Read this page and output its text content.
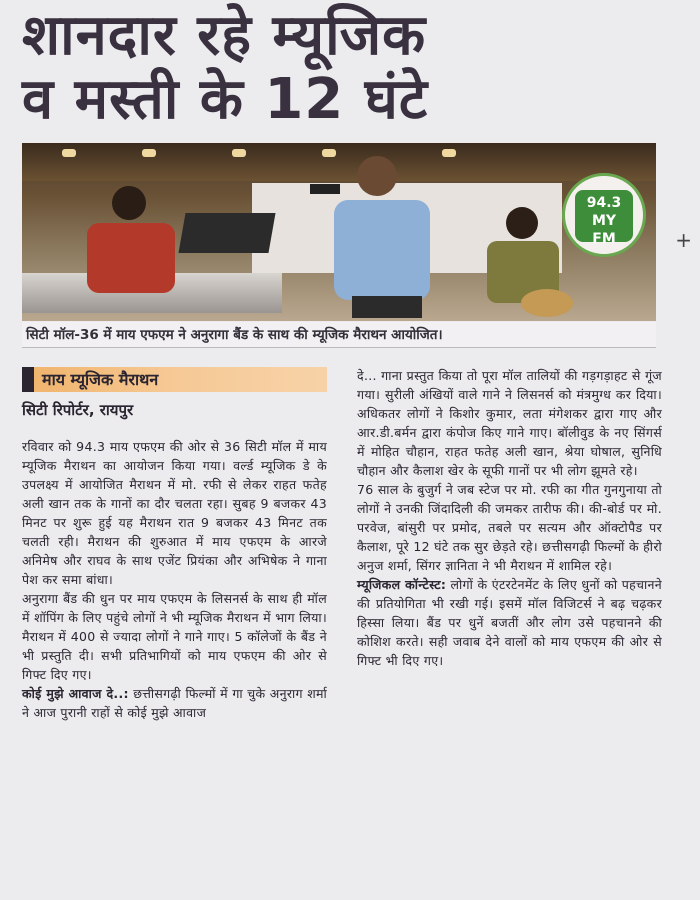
शानदार रहे म्यूजिक
व मस्ती के 12 घंटे
94.3
MY
FM
सिटी मॉल-36 में माय एफएम ने अनुरागा बैंड के साथ की म्यूजिक मैराथन आयोजित।
माय म्यूजिक मैराथन
सिटी रिपोर्टर, रायपुर

रविवार को 94.3 माय एफएम की ओर से 36 सिटी मॉल में माय म्यूजिक मैराथन का आयोजन किया गया। वर्ल्ड म्यूजिक डे के उपलक्ष्य में आयोजित मैराथन में मो. रफी से लेकर राहत फतेह अली खान तक के गानों का दौर चलता रहा। सुबह 9 बजकर 43 मिनट पर शुरू हुई यह मैराथन रात 9 बजकर 43 मिनट तक चलती रही। मैराथन की शुरुआत में माय एफएम के आरजे अनिमेष और राघव के साथ एजेंट प्रियंका और अभिषेक ने गाना पेश कर समा बांधा।

अनुरागा बैंड की धुन पर माय एफएम के लिसनर्स के साथ ही मॉल में शॉपिंग के लिए पहुंचे लोगों ने भी म्यूजिक मैराथन में भाग लिया। मैराथन में 400 से ज्यादा लोगों ने गाने गाए। 5 कॉलेजों के बैंड ने भी प्रस्तुति दी। सभी प्रतिभागियों को माय एफएम की ओर से गिफ्ट दिए गए।

कोई मुझे आवाज दे..: छत्तीसगढ़ी फिल्मों में गा चुके अनुराग शर्मा ने आज पुरानी राहों से कोई मुझे आवाज

दे... गाना प्रस्तुत किया तो पूरा मॉल तालियों की गड़गड़ाहट से गूंज गया। सुरीली अंखियों वाले गाने ने लिसनर्स को मंत्रमुग्ध कर दिया। अधिकतर लोगों ने किशोर कुमार, लता मंगेशकर द्वारा गाए और आर.डी.बर्मन द्वारा कंपोज किए गाने गाए। बॉलीवुड के नए सिंगर्स में मोहित चौहान, राहत फतेह अली खान, श्रेया घोषाल, सुनिधि चौहान और कैलाश खेर के सूफी गानों पर भी लोग झूमते रहे।

76 साल के बुजुर्ग ने जब स्टेज पर मो. रफी का गीत गुनगुनाया तो लोगों ने उनकी जिंदादिली की जमकर तारीफ की। की-बोर्ड पर मो. परवेज, बांसुरी पर प्रमोद, तबले पर सत्यम और ऑक्टोपैड पर कैलाश, पूरे 12 घंटे तक सुर छेड़ते रहे। छत्तीसगढ़ी फिल्मों के हीरो अनुज शर्मा, सिंगर ज्ञानिता ने भी मैराथन में शामिल रहे।

म्यूजिकल कॉन्टेस्ट: लोगों के एंटरटेनमेंट के लिए धुनों को पहचानने की प्रतियोगिता भी रखी गई। इसमें मॉल विजिटर्स ने बढ़ चढ़कर हिस्सा लिया। बैंड पर धुनें बजतीं और लोग उसे पहचानने की कोशिश करते। सही जवाब देने वालों को माय एफएम की ओर से गिफ्ट भी दिए गए।

+
